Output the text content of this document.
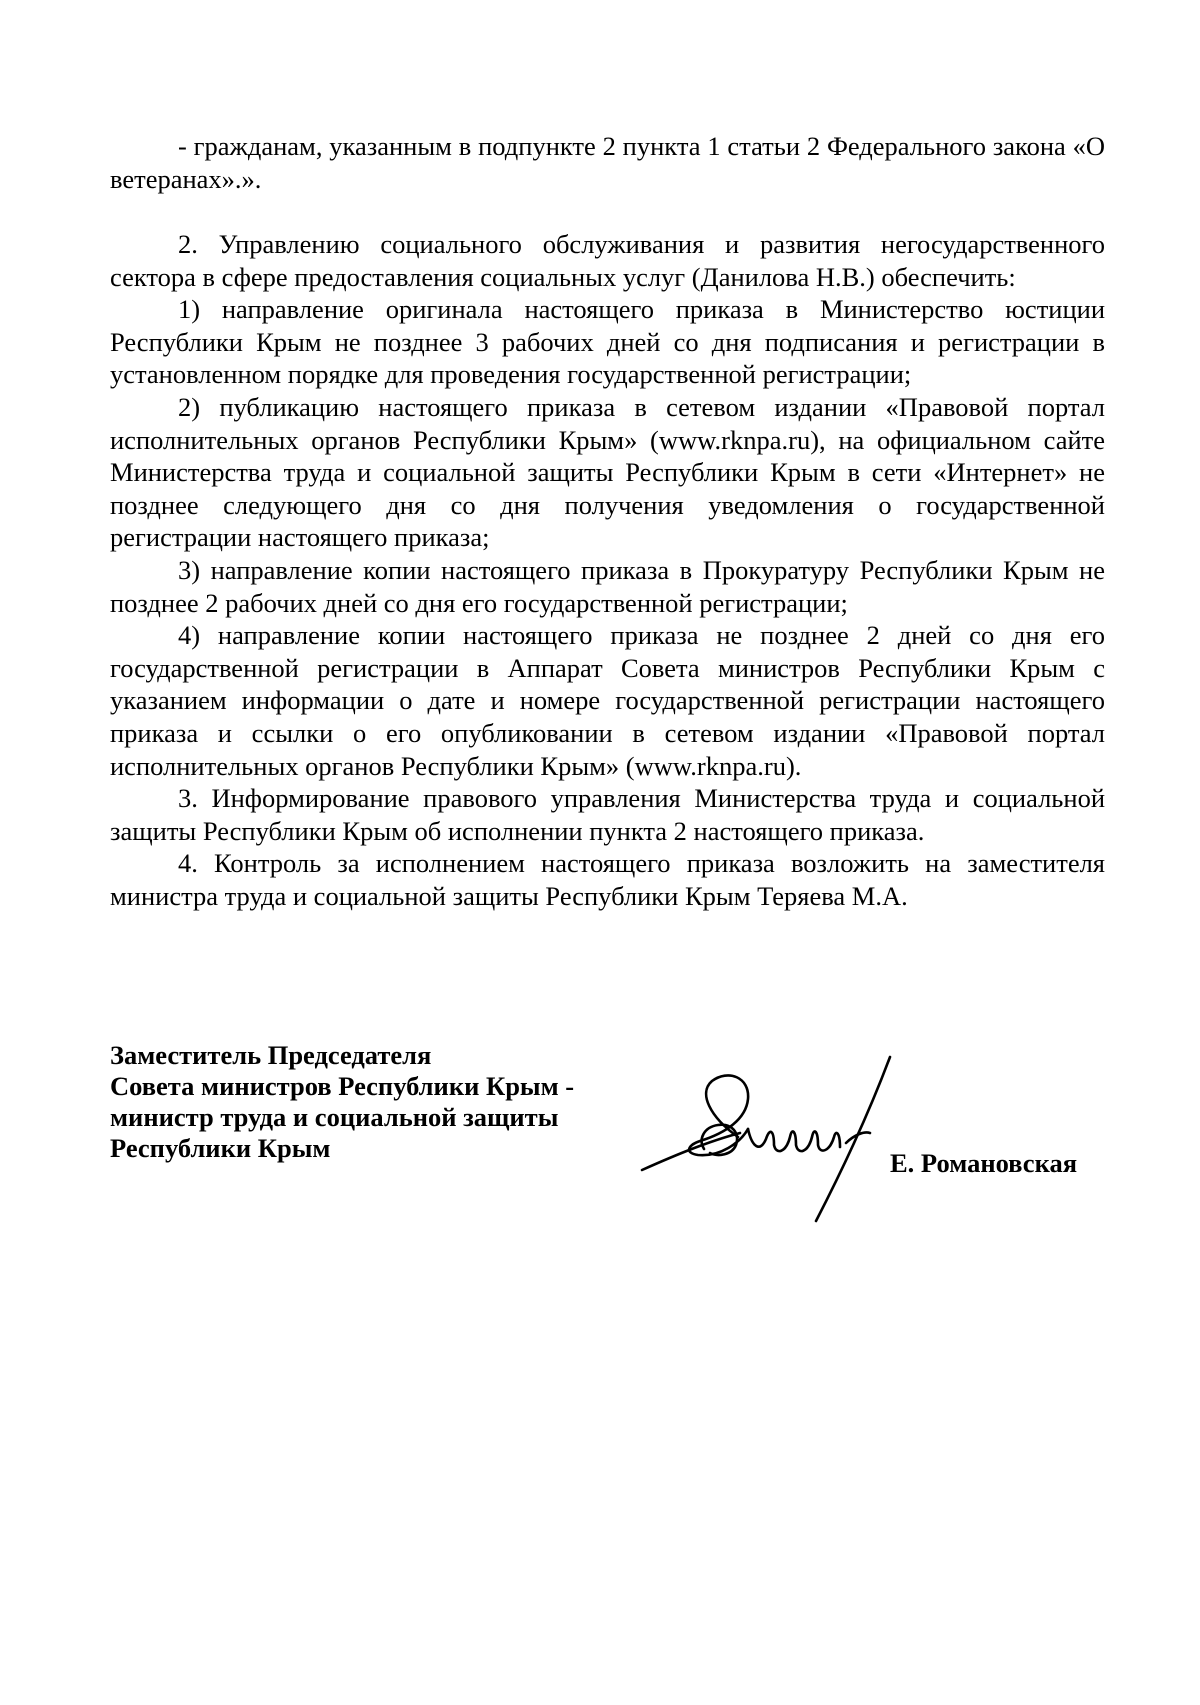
- гражданам, указанным в подпункте 2 пункта 1 статьи 2 Федерального закона «О ветеранах».».

2. Управлению социального обслуживания и развития негосударственного сектора в сфере предоставления социальных услуг (Данилова Н.В.) обеспечить:

1) направление оригинала настоящего приказа в Министерство юстиции Республики Крым не позднее 3 рабочих дней со дня подписания и регистрации в установленном порядке для проведения государственной регистрации;

2) публикацию настоящего приказа в сетевом издании «Правовой портал исполнительных органов Республики Крым» (www.rknpa.ru), на официальном сайте Министерства труда и социальной защиты Республики Крым в сети «Интернет» не позднее следующего дня со дня получения уведомления о государственной регистрации настоящего приказа;

3) направление копии настоящего приказа в Прокуратуру Республики Крым не позднее 2 рабочих дней со дня его государственной регистрации;

4) направление копии настоящего приказа не позднее 2 дней со дня его государственной регистрации в Аппарат Совета министров Республики Крым с указанием информации о дате и номере государственной регистрации настоящего приказа и ссылки о его опубликовании в сетевом издании «Правовой портал исполнительных органов Республики Крым» (www.rknpa.ru).

3. Информирование правового управления Министерства труда и социальной защиты Республики Крым об исполнении пункта 2 настоящего приказа.

4. Контроль за исполнением настоящего приказа возложить на заместителя министра труда и социальной защиты Республики Крым Теряева М.А.

Заместитель Председателя
Совета министров Республики Крым -
министр труда и социальной защиты
Республики Крым	Е. Романовская
